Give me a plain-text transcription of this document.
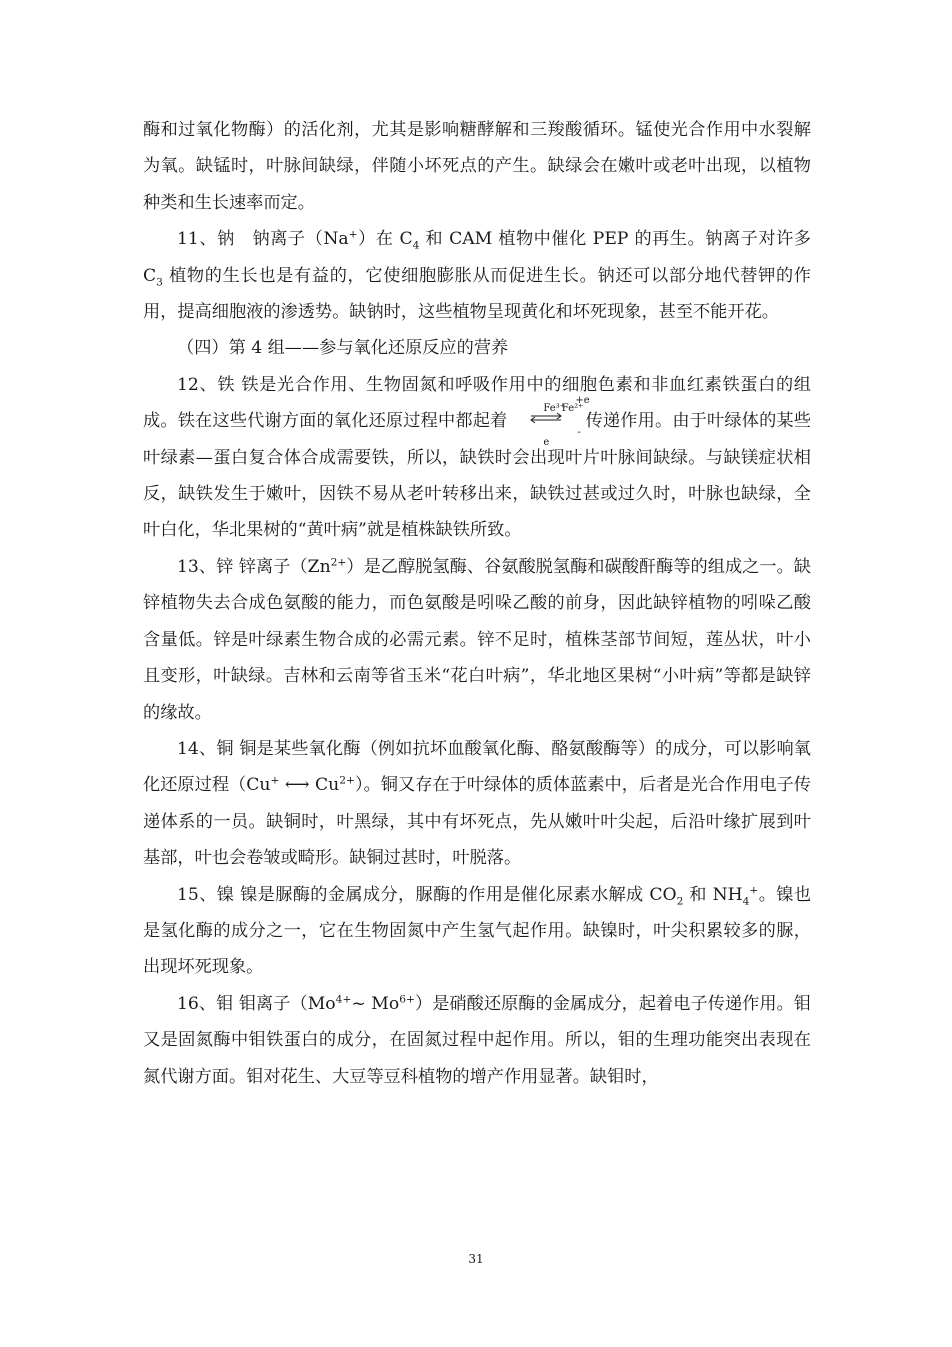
酶和过氧化物酶）的活化剂，尤其是影响糖酵解和三羧酸循环。锰使光合作用中水裂解为氧。缺锰时，叶脉间缺绿，伴随小坏死点的产生。缺绿会在嫩叶或老叶出现，以植物种类和生长速率而定。

11、钠　钠离子（Na+）在 $C_4$ 和 CAM 植物中催化 PEP 的再生。钠离子对许多 $C_3$ 植物的生长也是有益的，它使细胞膨胀从而促进生长。钠还可以部分地代替钾的作用，提高细胞液的渗透势。缺钠时，这些植物呈现黄化和坏死现象，甚至不能开花。

（四）第 4 组——参与氧化还原反应的营养

12、铁 铁是光合作用、生物固氮和呼吸作用中的细胞色素和非血红素铁蛋白的组成。铁在这些代谢方面的氧化还原过程中都起着
Fe³⁺
+e
Fe²⁺
-e
传递作用。由于叶绿体的某些叶绿素—蛋白复合体合成需要铁，所以，缺铁时会出现叶片叶脉间缺绿。与缺镁症状相反，缺铁发生于嫩叶，因铁不易从老叶转移出来，缺铁过甚或过久时，叶脉也缺绿，全叶白化，华北果树的“黄叶病”就是植株缺铁所致。

13、锌 锌离子$(Zn^{2+})$是乙醇脱氢酶、谷氨酸脱氢酶和碳酸酐酶等的组成之一。缺锌植物失去合成色氨酸的能力，而色氨酸是吲哚乙酸的前身，因此缺锌植物的吲哚乙酸含量低。锌是叶绿素生物合成的必需元素。锌不足时，植株茎部节间短，莲丛状，叶小且变形，叶缺绿。吉林和云南等省玉米“花白叶病”，华北地区果树“小叶病”等都是缺锌的缘故。

14、铜 铜是某些氧化酶（例如抗坏血酸氧化酶、酪氨酸酶等）的成分，可以影响氧化还原过程（Cu+ ⟷ $Cu^{2+}$）。铜又存在于叶绿体的质体蓝素中，后者是光合作用电子传递体系的一员。缺铜时，叶黑绿，其中有坏死点，先从嫩叶叶尖起，后沿叶缘扩展到叶基部，叶也会卷皱或畸形。缺铜过甚时，叶脱落。

15、镍 镍是脲酶的金属成分，脲酶的作用是催化尿素水解成 $CO_2$ 和 $NH_4^+$。镍也是氢化酶的成分之一，它在生物固氮中产生氢气起作用。缺镍时，叶尖积累较多的脲，出现坏死现象。

16、钼 钼离子（$Mo^{4+}\sim$ $Mo^{6+}$）是硝酸还原酶的金属成分，起着电子传递作用。钼又是固氮酶中钼铁蛋白的成分，在固氮过程中起作用。所以，钼的生理功能突出表现在氮代谢方面。钼对花生、大豆等豆科植物的增产作用显著。缺钼时，

31
